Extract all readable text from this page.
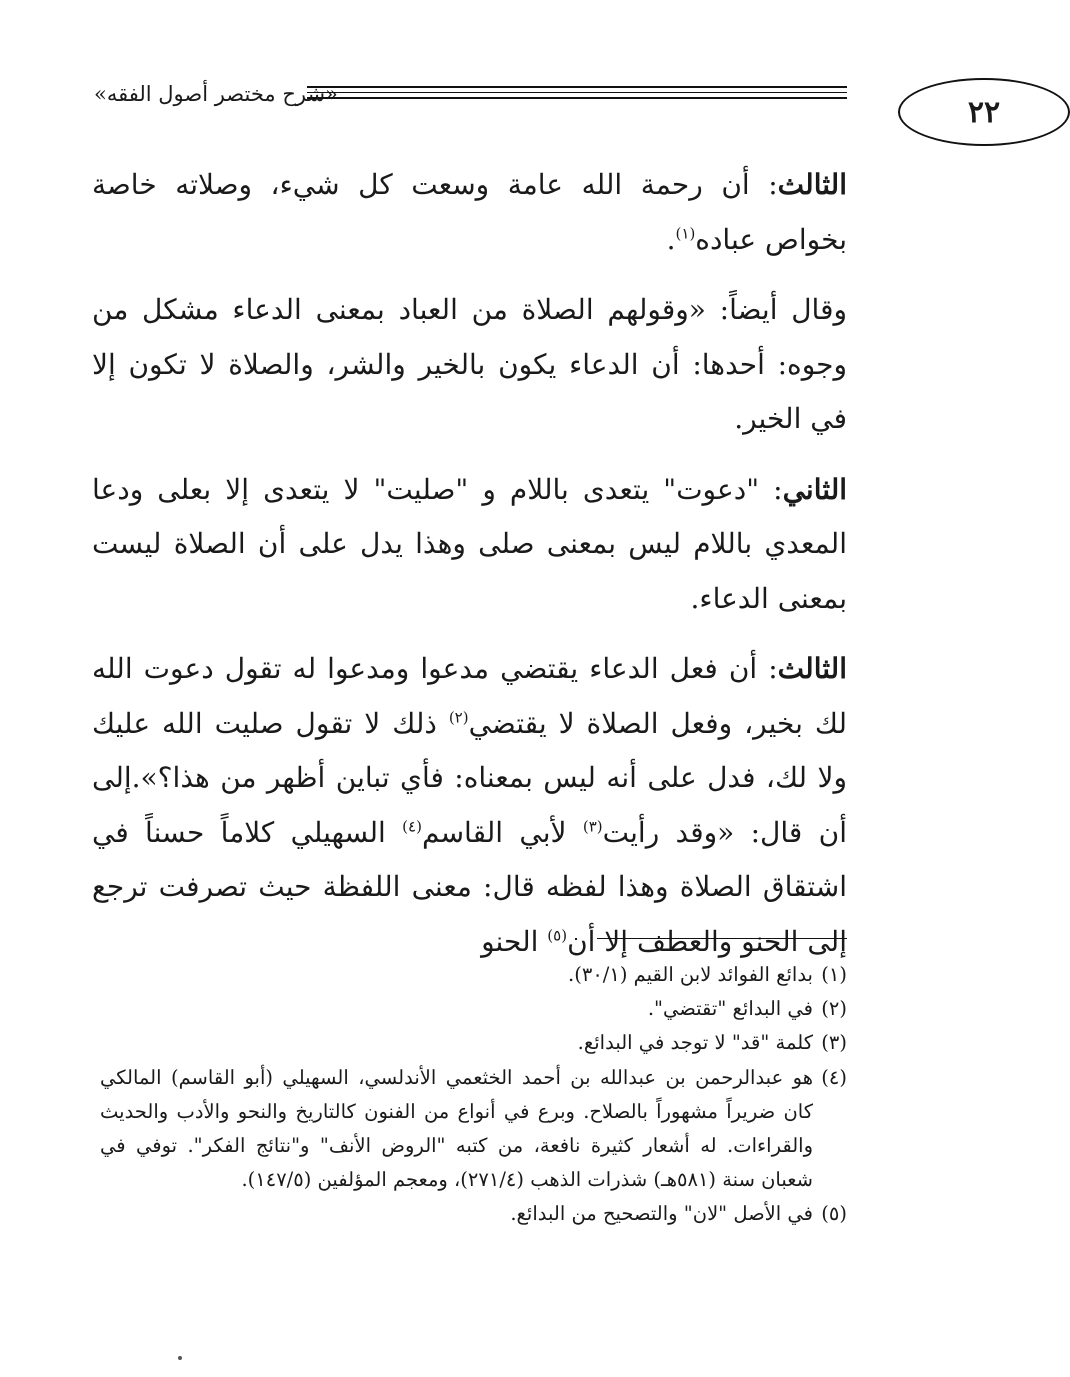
«شرح مختصر أصول الفقه»
٢٢

الثالث: أن رحمة الله عامة وسعت كل شيء، وصلاته خاصة بخواص عباده$^{(١)}$.

وقال أيضاً: «وقولهم الصلاة من العباد بمعنى الدعاء مشكل من وجوه: أحدها: أن الدعاء يكون بالخير والشر، والصلاة لا تكون إلا في الخير.

الثاني: "دعوت" يتعدى باللام و "صليت" لا يتعدى إلا بعلى ودعا المعدي باللام ليس بمعنى صلى وهذا يدل على أن الصلاة ليست بمعنى الدعاء.

الثالث: أن فعل الدعاء يقتضي مدعوا ومدعوا له تقول دعوت الله لك بخير، وفعل الصلاة لا يقتضي$^{(٢)}$ ذلك لا تقول صليت الله عليك ولا لك، فدل على أنه ليس بمعناه: فأي تباين أظهر من هذا؟».إلى أن قال: «وقد رأيت$^{(٣)}$ لأبي القاسم$^{(٤)}$ السهيلي كلاماً حسناً في اشتقاق الصلاة وهذا لفظه قال: معنى اللفظة حيث تصرفت ترجع إلى الحنو والعطف إلا أن$^{(٥)}$ الحنو

(١)
بدائع الفوائد لابن القيم (٣٠/١).
(٢)
في البدائع "تقتضي".
(٣)
كلمة "قد" لا توجد في البدائع.
(٤)
هو عبدالرحمن بن عبدالله بن أحمد الخثعمي الأندلسي، السهيلي (أبو القاسم) المالكي كان ضريراً مشهوراً بالصلاح. وبرع في أنواع من الفنون كالتاريخ والنحو والأدب والحديث والقراءات. له أشعار كثيرة نافعة، من كتبه "الروض الأنف" و"نتائج الفكر". توفي في شعبان سنة (٥٨١هـ) شذرات الذهب (٢٧١/٤)، ومعجم المؤلفين (١٤٧/٥).
(٥)
في الأصل "لان" والتصحيح من البدائع.
